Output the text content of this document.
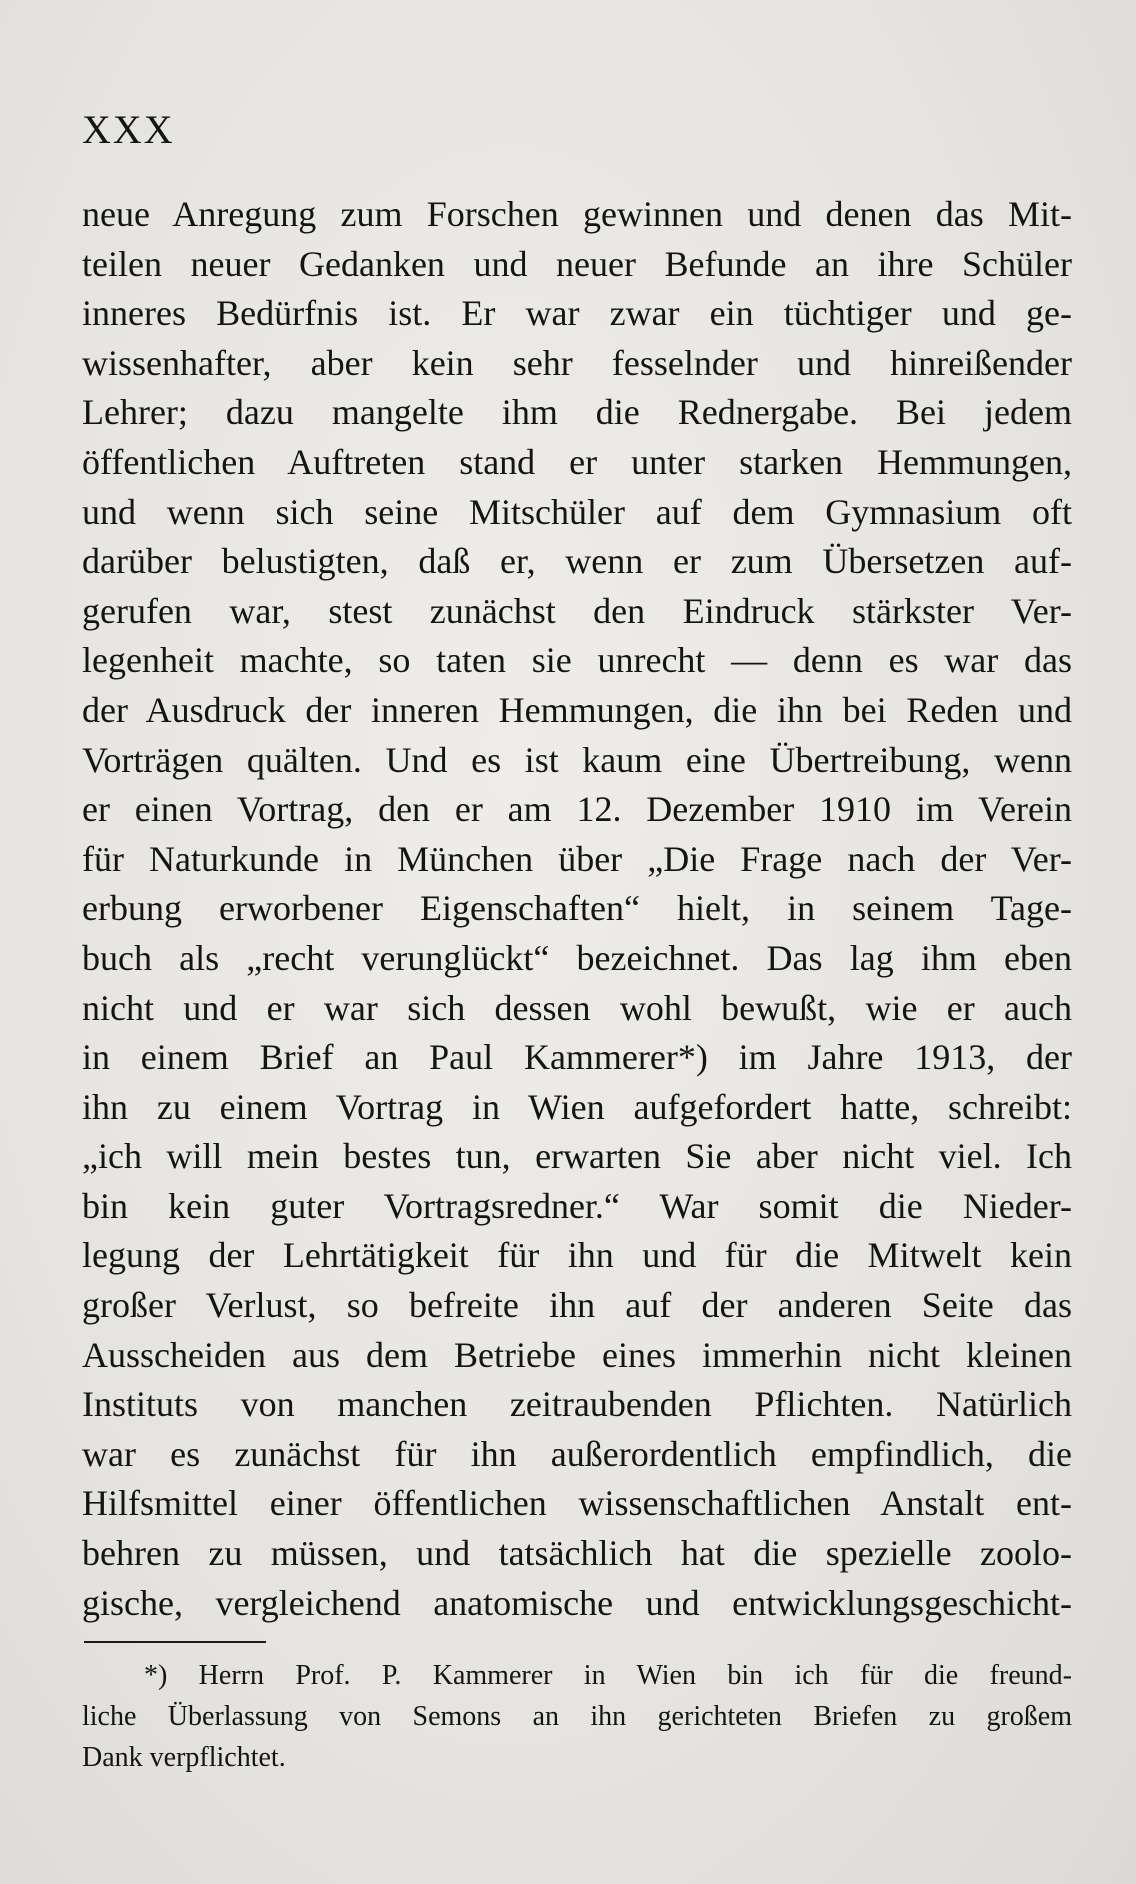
XXX
neue Anregung zum Forschen gewinnen und denen das Mit-
teilen neuer Gedanken und neuer Befunde an ihre Schüler
inneres Bedürfnis ist. Er war zwar ein tüchtiger und ge-
wissenhafter, aber kein sehr fesselnder und hinreißender
Lehrer; dazu mangelte ihm die Rednergabe. Bei jedem
öffentlichen Auftreten stand er unter starken Hemmungen,
und wenn sich seine Mitschüler auf dem Gymnasium oft
darüber belustigten, daß er, wenn er zum Übersetzen auf-
gerufen war, stest zunächst den Eindruck stärkster Ver-
legenheit machte, so taten sie unrecht — denn es war das
der Ausdruck der inneren Hemmungen, die ihn bei Reden und
Vorträgen quälten. Und es ist kaum eine Übertreibung, wenn
er einen Vortrag, den er am 12. Dezember 1910 im Verein
für Naturkunde in München über „Die Frage nach der Ver-
erbung erworbener Eigenschaften“ hielt, in seinem Tage-
buch als „recht verunglückt“ bezeichnet. Das lag ihm eben
nicht und er war sich dessen wohl bewußt, wie er auch
in einem Brief an Paul Kammerer*) im Jahre 1913, der
ihn zu einem Vortrag in Wien aufgefordert hatte, schreibt:
„ich will mein bestes tun, erwarten Sie aber nicht viel. Ich
bin kein guter Vortragsredner.“ War somit die Nieder-
legung der Lehrtätigkeit für ihn und für die Mitwelt kein
großer Verlust, so befreite ihn auf der anderen Seite das
Ausscheiden aus dem Betriebe eines immerhin nicht kleinen
Instituts von manchen zeitraubenden Pflichten. Natürlich
war es zunächst für ihn außerordentlich empfindlich, die
Hilfsmittel einer öffentlichen wissenschaftlichen Anstalt ent-
behren zu müssen, und tatsächlich hat die spezielle zoolo-
gische, vergleichend anatomische und entwicklungsgeschicht-
*) Herrn Prof. P. Kammerer in Wien bin ich für die freund-
liche Überlassung von Semons an ihn gerichteten Briefen zu großem
Dank verpflichtet.
